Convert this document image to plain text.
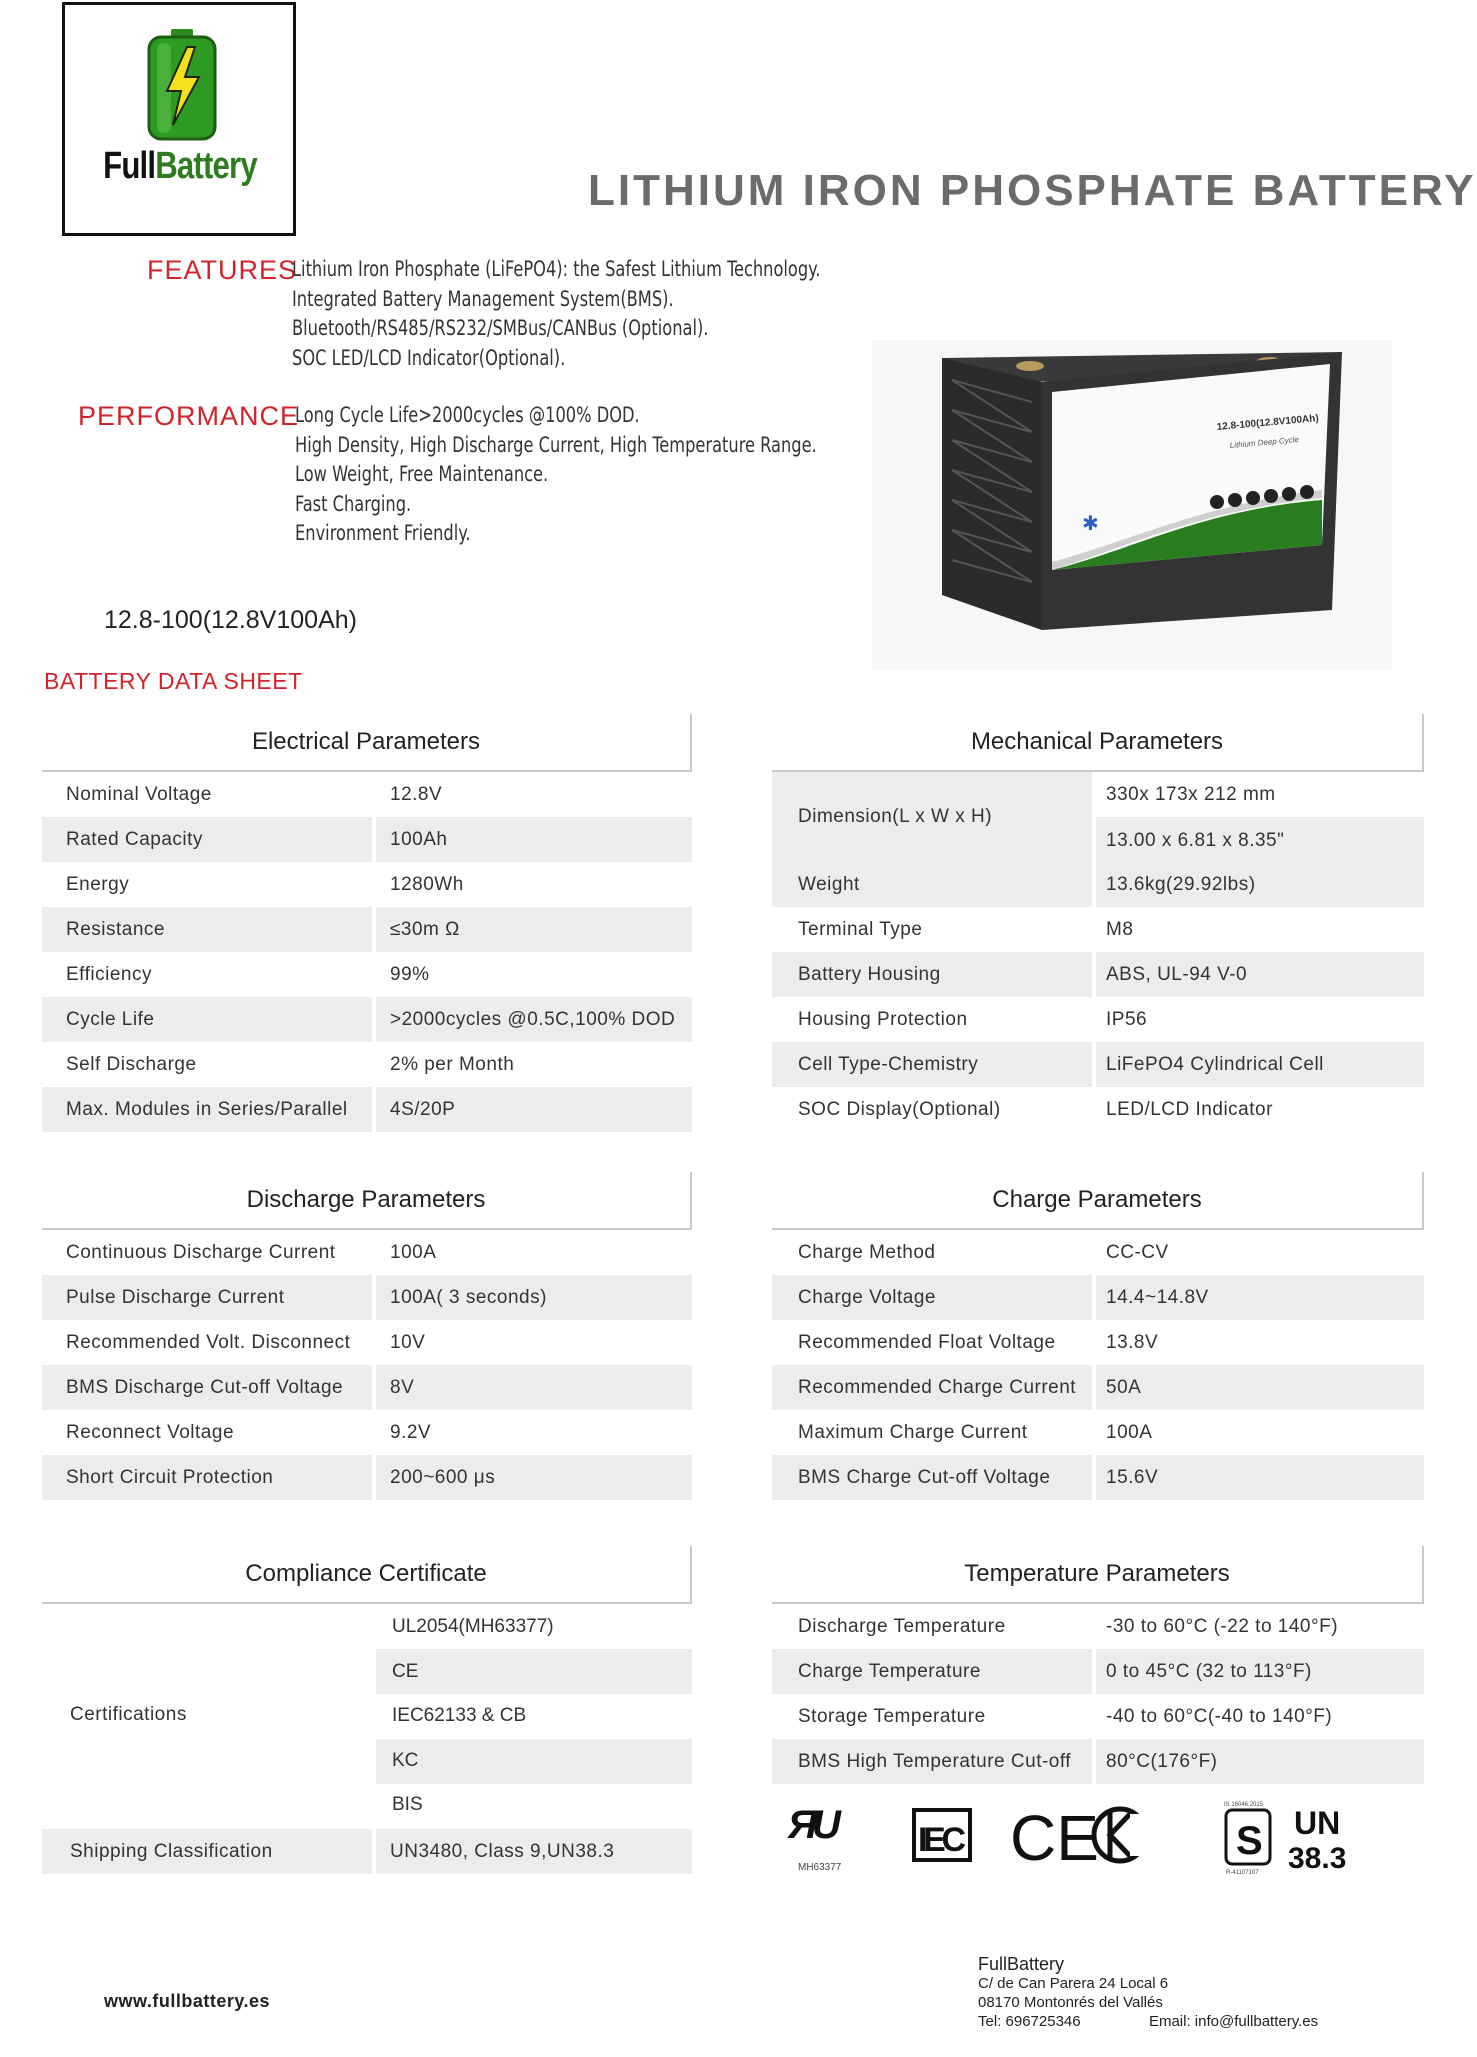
FullBattery	LITHIUM IRON PHOSPHATE BATTERY
FEATURES
Lithium Iron Phosphate (LiFePO4): the Safest Lithium Technology.
Integrated Battery Management System(BMS).
Bluetooth/RS485/RS232/SMBus/CANBus (Optional).
SOC LED/LCD Indicator(Optional).
PERFORMANCE
Long Cycle Life>2000cycles @100% DOD.
High Density, High Discharge Current, High Temperature Range.
Low Weight, Free Maintenance.
Fast Charging.
Environment Friendly.
12.8-100(12.8V100Ah)
Lithium Deep Cycle
✱
12.8-100(12.8V100Ah)
BATTERY DATA SHEET
Electrical Parameters
Nominal Voltage	12.8V
Rated Capacity	100Ah
Energy	1280Wh
Resistance	≤30m Ω
Efficiency	99%
Cycle Life	>2000cycles @0.5C,100% DOD
Self Discharge	2% per Month
Max. Modules in Series/Parallel 4S/20P
Mechanical Parameters
Dimension(L x W x H)
330x 173x 212 mm
13.00 x 6.81 x 8.35"
Weight	13.6kg(29.92lbs)
Terminal Type	M8
Battery Housing	ABS, UL-94 V-0
Housing Protection	IP56
Cell Type-Chemistry	LiFePO4 Cylindrical Cell
SOC Display(Optional)	LED/LCD Indicator
Discharge Parameters
Continuous Discharge Current	100A
Pulse Discharge Current	100A( 3 seconds)
Recommended Volt. Disconnect 10V
BMS Discharge Cut-off Voltage 8V
Reconnect Voltage	9.2V
Short Circuit Protection	200~600 μs
Charge Parameters
Charge Method	CC-CV
Charge Voltage	14.4~14.8V
Recommended Float Voltage	13.8V
Recommended Charge Current 50A
Maximum Charge Current	100A
BMS Charge Cut-off Voltage	15.6V
Compliance Certificate
Certifications
UL2054(MH63377)
CE
IEC62133 & CB
KC
BIS
Shipping Classification	UN3480, Class 9,UN38.3
Temperature Parameters
Discharge Temperature	-30 to 60°C (-22 to 140°F)
Charge Temperature	0 to 45°C (32 to 113°F)
Storage Temperature	-40 to 60°C(-40 to 140°F)
BMS High Temperature Cut-off 80°C(176°F)
Я
U
MH63377
IEC CE	IS 16046:2015
S
R-41107107
UN
38.3
www.fullbattery.es
FullBattery
C/ de Can Parera 24 Local 6
08170 Montonrés del Vallés
Tel: 696725346	Email: info@fullbattery.es
